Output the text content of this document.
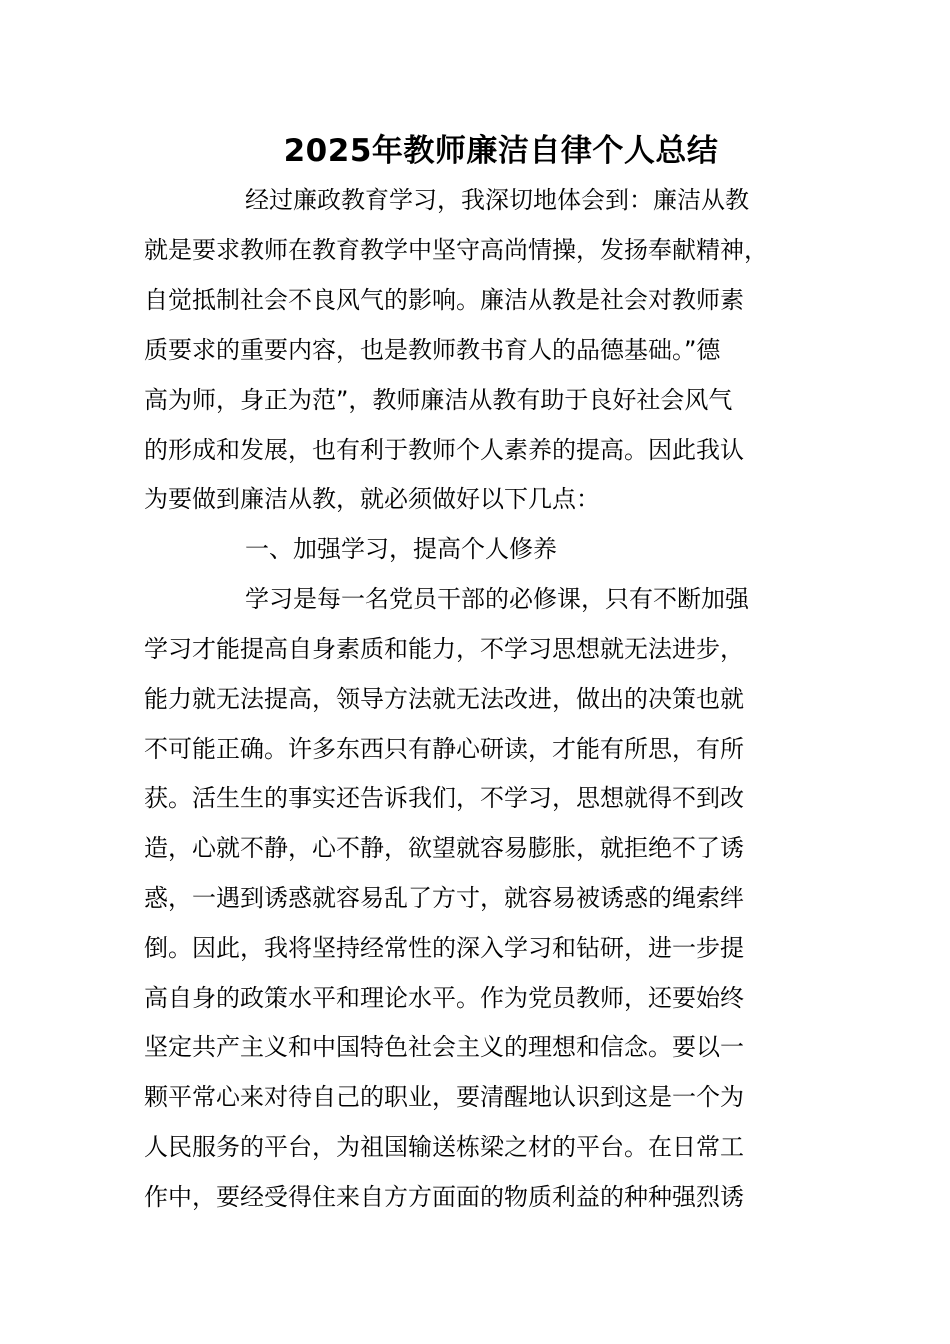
2025年教师廉洁自律个人总结
经过廉政教育学习，我深切地体会到：廉洁从教
就是要求教师在教育教学中坚守高尚情操，发扬奉献精神，
自觉抵制社会不良风气的影响。廉洁从教是社会对教师素
质要求的重要内容，也是教师教书育人的品德基础。”德
高为师，身正为范”，教师廉洁从教有助于良好社会风气
的形成和发展，也有利于教师个人素养的提高。因此我认
为要做到廉洁从教，就必须做好以下几点：
一、加强学习，提高个人修养
学习是每一名党员干部的必修课，只有不断加强
学习才能提高自身素质和能力，不学习思想就无法进步，
能力就无法提高，领导方法就无法改进，做出的决策也就
不可能正确。许多东西只有静心研读，才能有所思，有所
获。活生生的事实还告诉我们，不学习，思想就得不到改
造，心就不静，心不静，欲望就容易膨胀，就拒绝不了诱
惑，一遇到诱惑就容易乱了方寸，就容易被诱惑的绳索绊
倒。因此，我将坚持经常性的深入学习和钻研，进一步提
高自身的政策水平和理论水平。作为党员教师，还要始终
坚定共产主义和中国特色社会主义的理想和信念。要以一
颗平常心来对待自己的职业，要清醒地认识到这是一个为
人民服务的平台，为祖国输送栋梁之材的平台。在日常工
作中，要经受得住来自方方面面的物质利益的种种强烈诱
